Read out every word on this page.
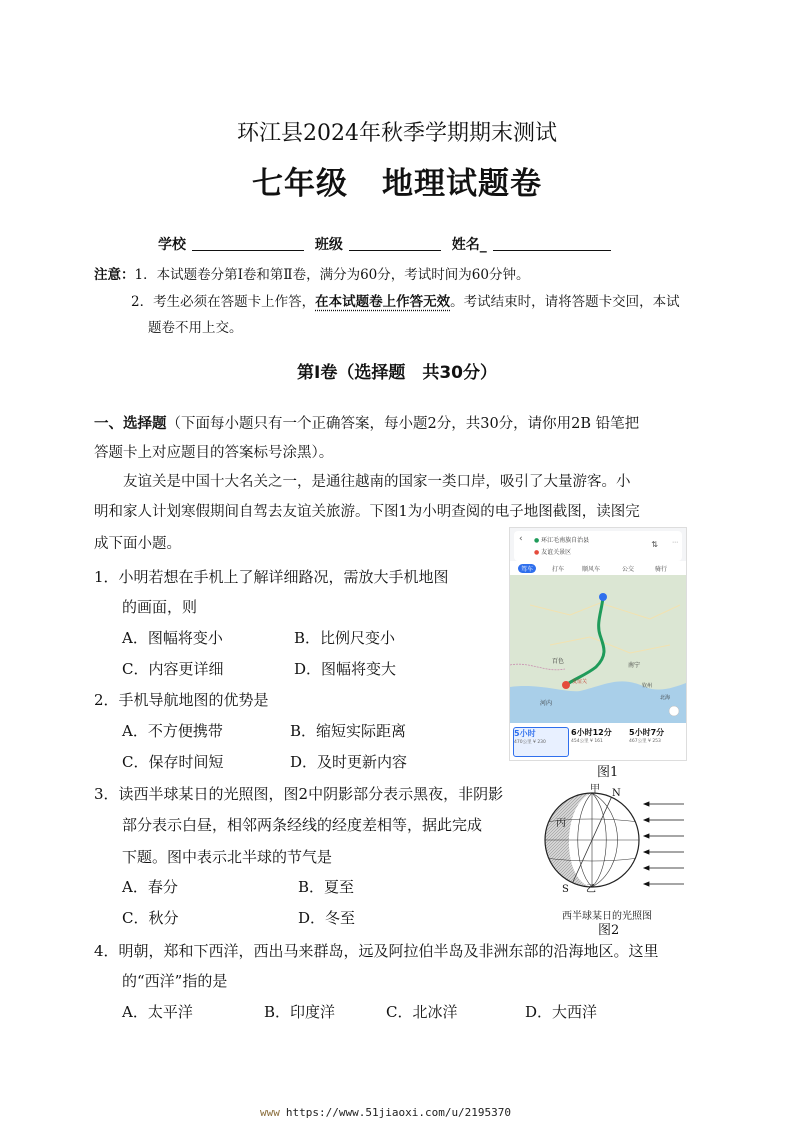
环江县2024年秋季学期期末测试
七年级 地理试题卷
学校	班级	姓名_
注意：1．本试题卷分第Ⅰ卷和第Ⅱ卷，满分为60分，考试时间为60分钟。
2．考生必须在答题卡上作答，在本试题卷上作答无效。考试结束时，请将答题卡交回，本试
题卷不用上交。
第Ⅰ卷（选择题　共30分）
一、选择题（下面每小题只有一个正确答案，每小题2分，共30分，请你用2B 铅笔把
答题卡上对应题目的答案标号涂黑）。
友谊关是中国十大名关之一，是通往越南的国家一类口岸，吸引了大量游客。小
明和家人计划寒假期间自驾去友谊关旅游。下图1为小明查阅的电子地图截图，读图完
成下面小题。
1．小明若想在手机上了解详细路况，需放大手机地图
的画面，则
A．图幅将变小	B．比例尺变小
C．内容更详细	D．图幅将变大
2．手机导航地图的优势是
A．不方便携带	B．缩短实际距离
C．保存时间短	D．及时更新内容
3．读西半球某日的光照图，图2中阴影部分表示黑夜，非阴影
部分表示白昼，相邻两条经线的经度差相等，据此完成
下题。图中表示北半球的节气是
A．春分	B．夏至
C．秋分	D．冬至
4．明朝，郑和下西洋，西出马来群岛，远及阿拉伯半岛及非洲东部的沿海地区。这里
的“西洋”指的是
A．太平洋	B．印度洋	C．北冰洋	D．大西洋
‹ ● 环江毛南族自治县
● 友谊关景区
⇅ ⋯
驾车	打车	顺风车	公交	骑行
百色
南宁
河内
钦州
北海
友谊关
5小时
470公里 ¥ 230
6小时12分
454公里 ¥ 161
5小时7分
467公里 ¥ 253
图1
甲 N
丙
S 乙
西半球某日的光照图
图2
www https://www.51jiaoxi.com/u/2195370
